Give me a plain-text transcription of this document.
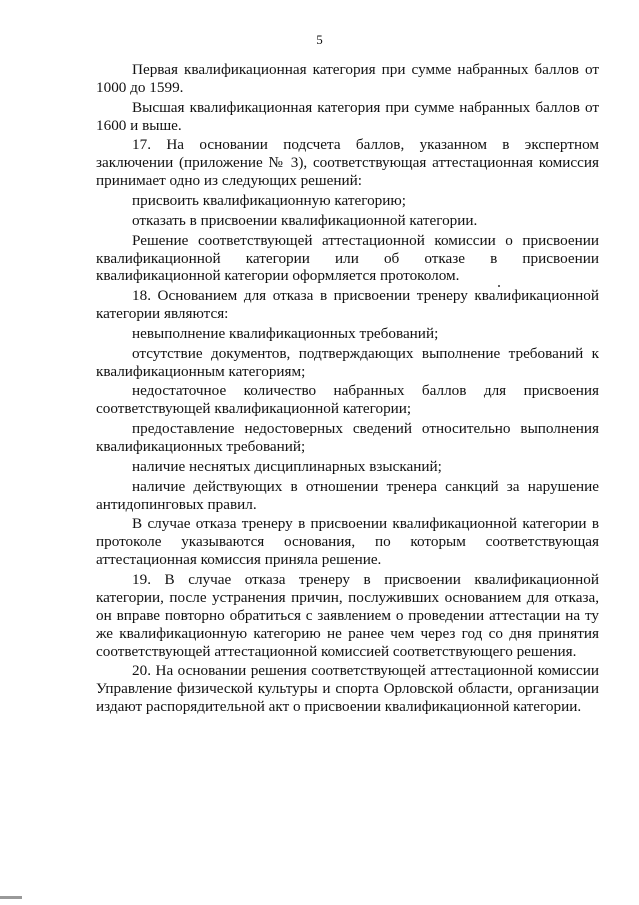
5

Первая квалификационная категория при сумме набранных баллов от 1000 до 1599.

Высшая квалификационная категория при сумме набранных баллов от 1600 и выше.

17. На основании подсчета баллов, указанном в экспертном заключении (приложение № 3), соответствующая аттестационная комиссия принимает одно из следующих решений:

присвоить квалификационную категорию;

отказать в присвоении квалификационной категории.

Решение соответствующей аттестационной комиссии о присвоении квалификационной категории или об отказе в присвоении квалификационной категории оформляется протоколом.

18. Основанием для отказа в присвоении тренеру квалификационной категории являются:

невыполнение квалификационных требований;

отсутствие документов, подтверждающих выполнение требований к квалификационным категориям;

недостаточное количество набранных баллов для присвоения соответствующей квалификационной категории;

предоставление недостоверных сведений относительно выполнения квалификационных требований;

наличие неснятых дисциплинарных взысканий;

наличие действующих в отношении тренера санкций за нарушение антидопинговых правил.

В случае отказа тренеру в присвоении квалификационной категории в протоколе указываются основания, по которым соответствующая аттестационная комиссия приняла решение.

19. В случае отказа тренеру в присвоении квалификационной категории, после устранения причин, послуживших основанием для отказа, он вправе повторно обратиться с заявлением о проведении аттестации на ту же квалификационную категорию не ранее чем через год со дня принятия соответствующей аттестационной комиссией соответствующего решения.

20. На основании решения соответствующей аттестационной комиссии Управление физической культуры и спорта Орловской области, организации издают распорядительной акт о присвоении квалификационной категории.
